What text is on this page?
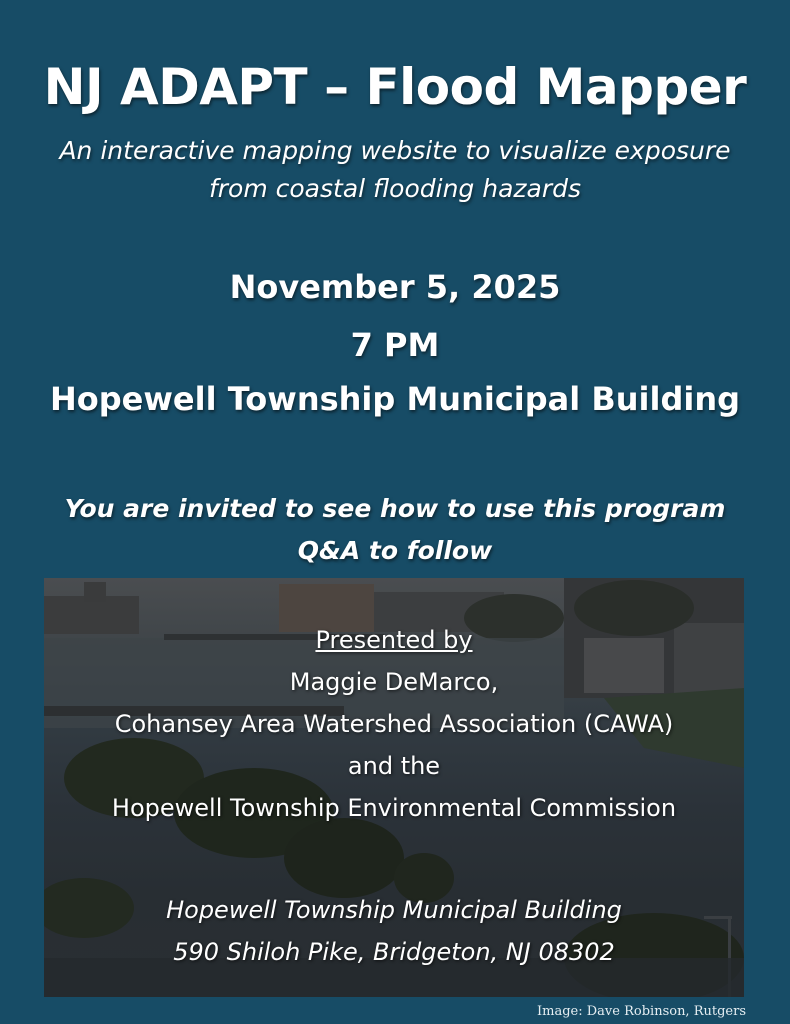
NJ ADAPT – Flood Mapper
An interactive mapping website to visualize exposure
from coastal flooding hazards
November 5, 2025
7 PM
Hopewell Township Municipal Building
You are invited to see how to use this program
Q&A to follow
Presented by
Maggie DeMarco,
Cohansey Area Watershed Association (CAWA)
and the
Hopewell Township Environmental Commission
Hopewell Township Municipal Building
590 Shiloh Pike, Bridgeton, NJ 08302
Image: Dave Robinson, Rutgers
